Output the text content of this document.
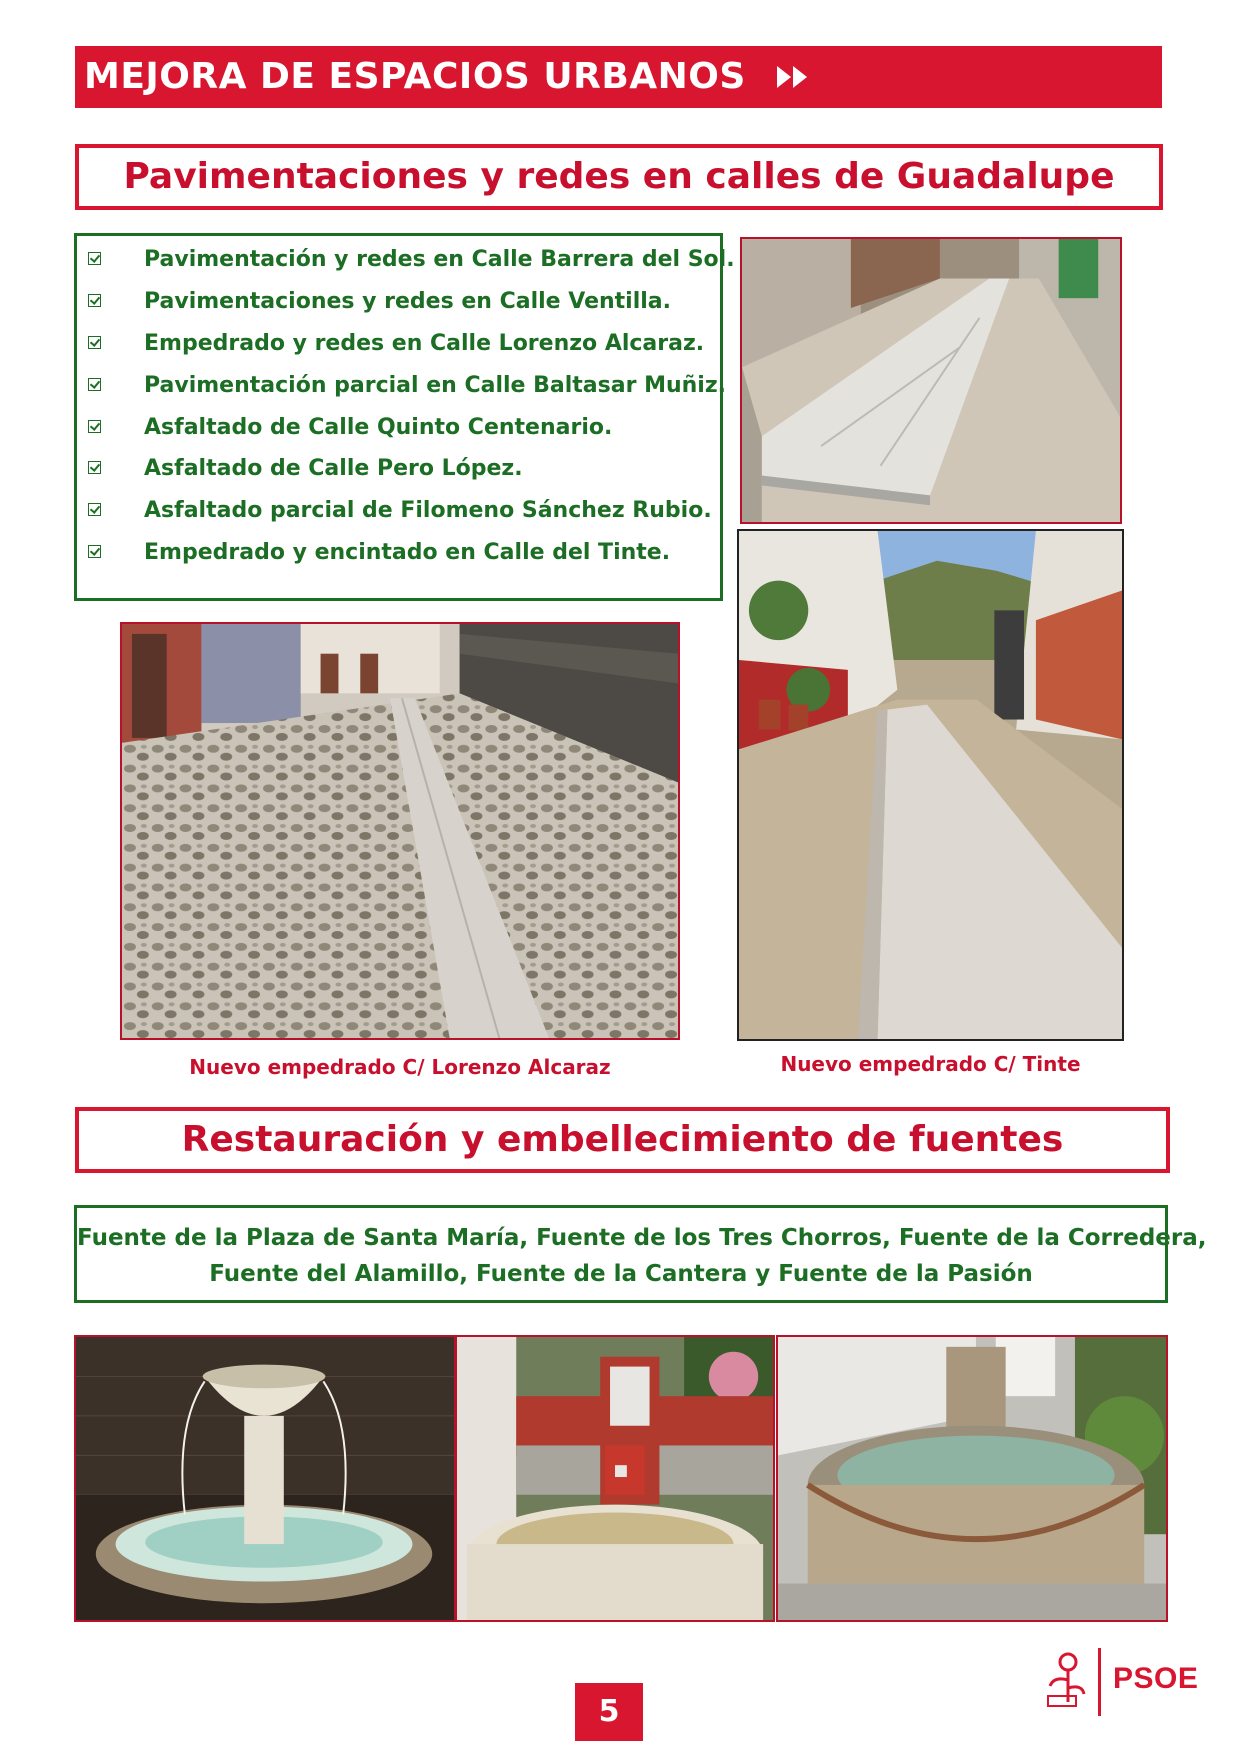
MEJORA DE ESPACIOS URBANOS
Pavimentaciones y redes en calles de Guadalupe
Pavimentación y redes en Calle Barrera del Sol.
Pavimentaciones y redes en Calle Ventilla.
Empedrado y redes en Calle Lorenzo Alcaraz.
Pavimentación parcial en Calle Baltasar Muñiz.
Asfaltado de Calle Quinto Centenario.
Asfaltado de Calle Pero López.
Asfaltado parcial de Filomeno Sánchez Rubio.
Empedrado y encintado en Calle del Tinte.
Nuevo empedrado C/ Lorenzo Alcaraz	Nuevo empedrado C/ Tinte
Restauración y embellecimiento de fuentes
Fuente de la Plaza de Santa María, Fuente de los Tres Chorros, Fuente de la Corredera,
Fuente del Alamillo, Fuente de la Cantera y Fuente de la Pasión
5
PSOE
